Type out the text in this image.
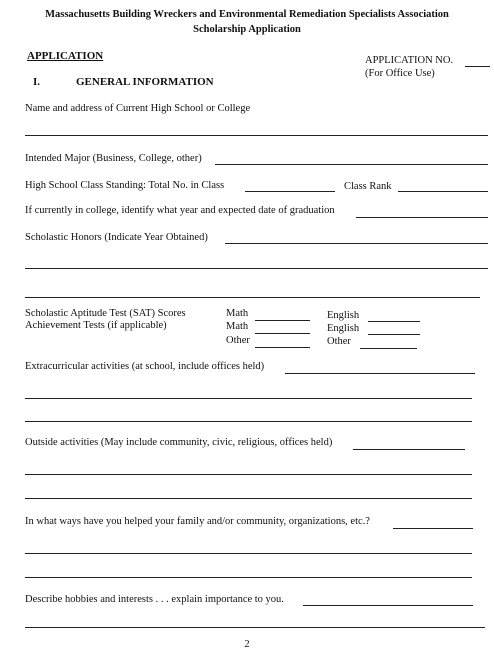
Massachusetts Building Wreckers and Environmental Remediation Specialists Association
Scholarship Application
APPLICATION	APPLICATION NO.
(For Office Use)
I.	GENERAL INFORMATION
Name and address of Current High School or College
Intended Major (Business, College, other)
High School Class Standing: Total No. in Class	Class Rank
If currently in college, identify what year and expected date of graduation
Scholastic Honors (Indicate Year Obtained)
Scholastic Aptitude Test (SAT) Scores
Achievement Tests (if applicable)
Math	English
Math	English
Other	Other
Extracurricular activities (at school, include offices held)
Outside activities (May include community, civic, religious, offices held)
In what ways have you helped your family and/or community, organizations, etc.?
Describe hobbies and interests . . . explain importance to you.
2
